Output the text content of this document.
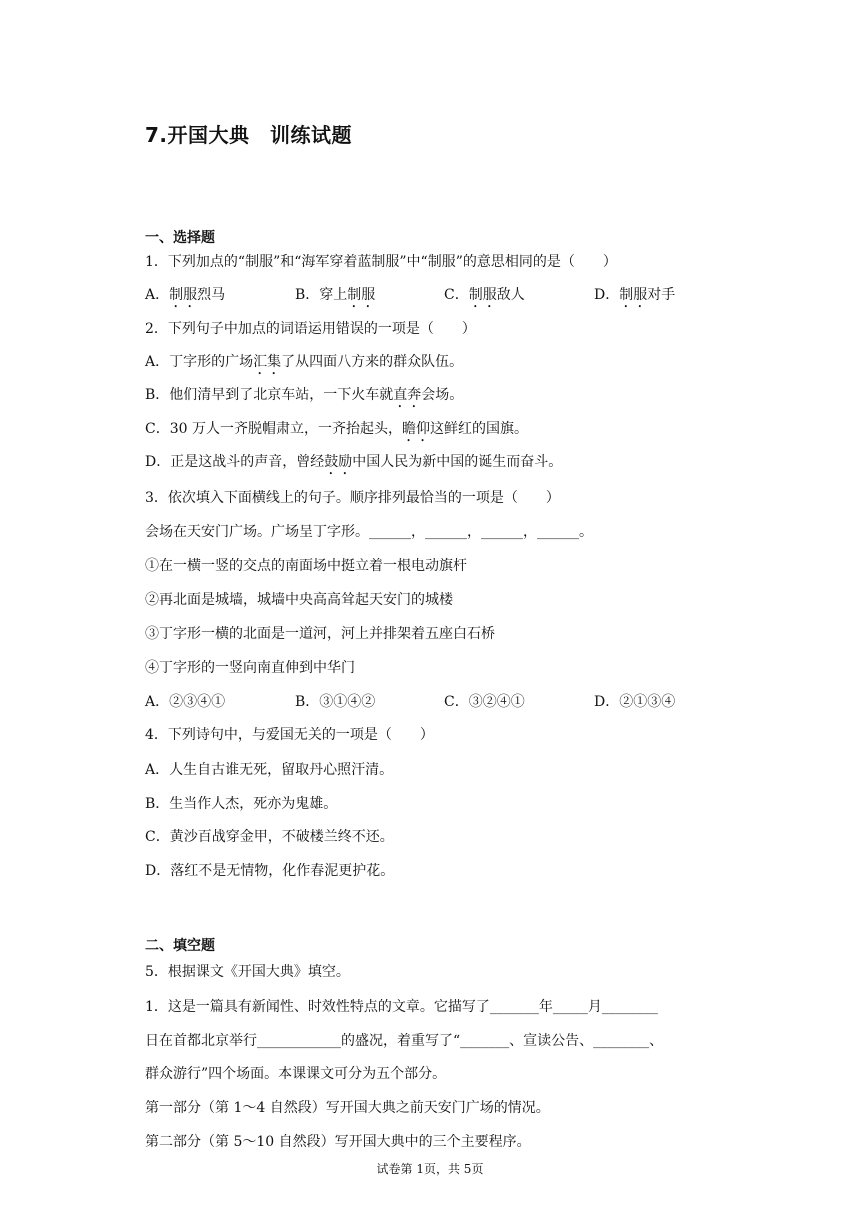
7.开国大典　训练试题
一、选择题
1．下列加点的“制服”和“海军穿着蓝制服”中“制服”的意思相同的是（　　）
A．制服烈马	B．穿上制服	C．制服敌人	D．制服对手
2．下列句子中加点的词语运用错误的一项是（　　）
A．丁字形的广场汇集了从四面八方来的群众队伍。
B．他们清早到了北京车站，一下火车就直奔会场。
C．30 万人一齐脱帽肃立，一齐抬起头，瞻仰这鲜红的国旗。
D．正是这战斗的声音，曾经鼓励中国人民为新中国的诞生而奋斗。
3．依次填入下面横线上的句子。顺序排列最恰当的一项是（　　）
会场在天安门广场。广场呈丁字形。______，______，______，______。
①在一横一竖的交点的南面场中挺立着一根电动旗杆
②再北面是城墙，城墙中央高高耸起天安门的城楼
③丁字形一横的北面是一道河，河上并排架着五座白石桥
④丁字形的一竖向南直伸到中华门
A．②③④①	B．③①④②	C．③②④①	D．②①③④
4．下列诗句中，与爱国无关的一项是（　　）
A．人生自古谁无死，留取丹心照汗清。
B．生当作人杰，死亦为鬼雄。
C．黄沙百战穿金甲，不破楼兰终不还。
D．落红不是无情物，化作春泥更护花。
二、填空题
5．根据课文《开国大典》填空。
1．这是一篇具有新闻性、时效性特点的文章。它描写了_______年_____月________
日在首都北京举行____________的盛况，着重写了“_______、宣读公告、________、
群众游行”四个场面。本课课文可分为五个部分。
第一部分（第 1～4 自然段）写开国大典之前天安门广场的情况。
第二部分（第 5～10 自然段）写开国大典中的三个主要程序。
试卷第 1页，共 5页
